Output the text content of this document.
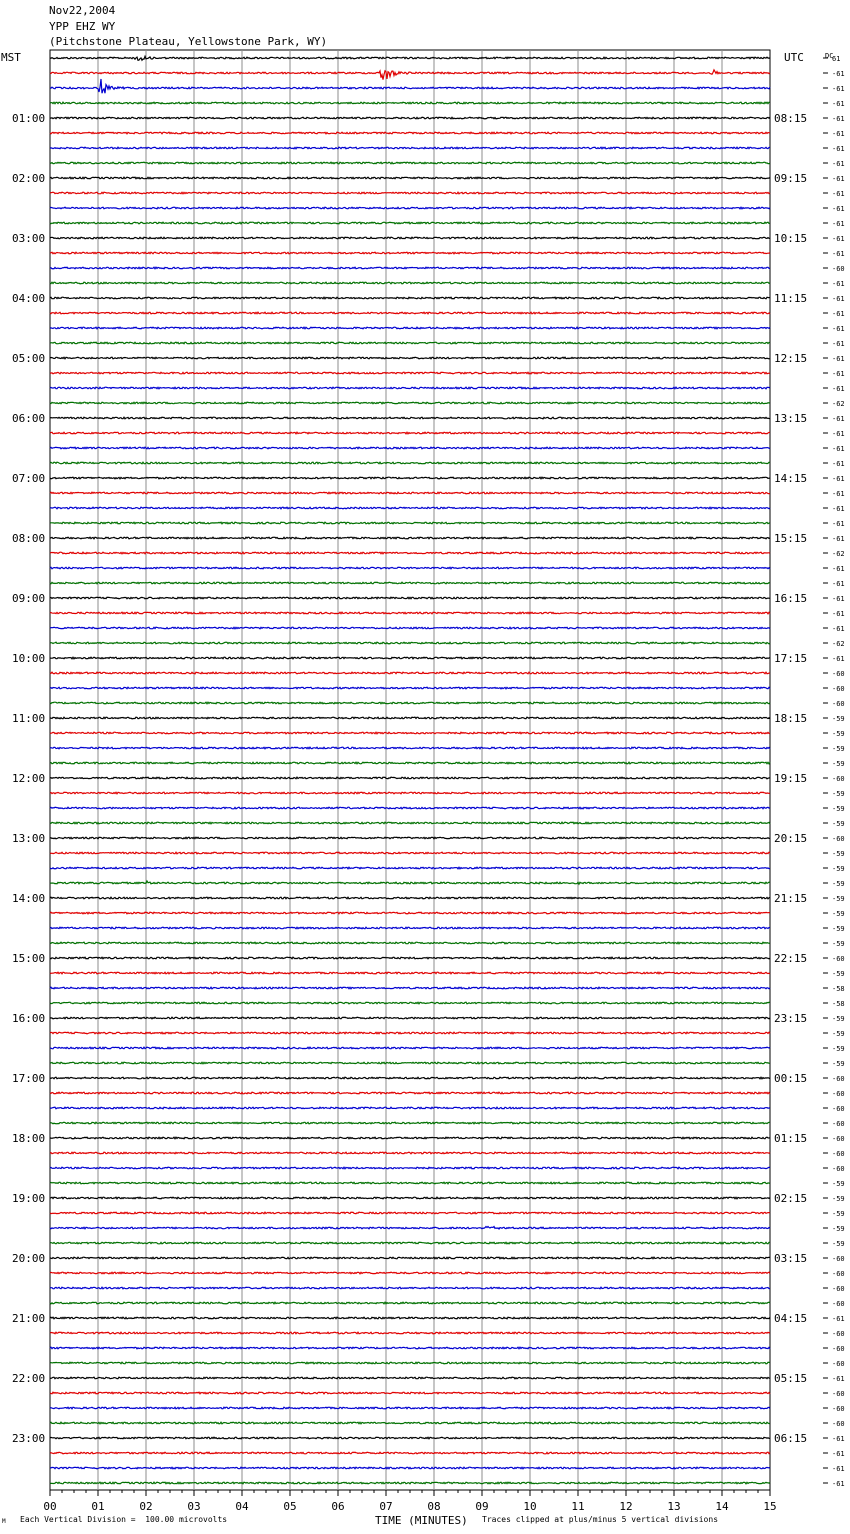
Nov22,2004
YPP EHZ WY
(Pitchstone Plateau, Yellowstone Park, WY)
00	01	02	03	04	05	06	07	08	09	10	11	12	13	14	15
61
-61
-61
-61
-61
-61
-61
-61
-61
-61
-61
-61
-61
-61
-60
-61
-61
-61
-61
-61
-61
-61
-61
-62
-61
-61
-61
-61
-61
-61
-61
-61
-61
-62
-61
-61
-61
-61
-61
-62
-61
-60
-60
-60
-59
-59
-59
-59
-60
-59
-59
-59
-60
-59
-59
-59
-59
-59
-59
-59
-60
-59
-58
-58
-59
-59
-59
-59
-60
-60
-60
-60
-60
-60
-60
-59
-59
-59
-59
-59
-60
-60
-60
-60
-61
-60
-60
-60
-61
-60
-60
-60
-61
-61
-61
-61
01:00
02:00
03:00
04:00
05:00
06:00
07:00
08:00
09:00
10:00
11:00
12:00
13:00
14:00
15:00
16:00
17:00
18:00
19:00
20:00
21:00
22:00
23:00
08:15
09:15
10:15
11:15
12:15
13:15
14:15
15:15
16:15
17:15
18:15
19:15
20:15
21:15
22:15
23:15
00:15
01:15
02:15
03:15
04:15
05:15
06:15
MST	UTC	DC
TIME (MINUTES)
M Each Vertical Division =  100.00 microvolts	Traces clipped at plus/minus 5 vertical divisions
